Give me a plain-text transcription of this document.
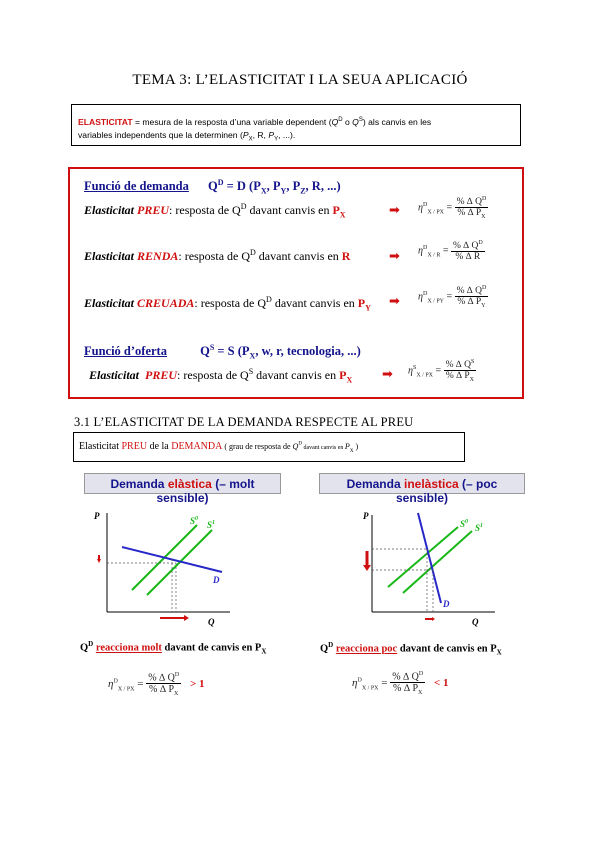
TEMA 3: L’ELASTICITAT I LA SEUA APLICACIÓ
ELASTICITAT = mesura de la resposta d’una variable dependent ($Q^D$ o $Q^S$) als canvis en les
variables independents que la determinen ($P_X$, R, $P_Y$, ...).
Funció de demanda $Q^D = D$ ($P_X$, $P_Y$, $P_Z$, R, ...)
Elasticitat PREU: resposta de $Q^D$ davant canvis en $P_X$	➡ $\eta^D_{X / PX} = \frac{\% \Delta Q^D}{\% \Delta P_X}$
Elasticitat RENDA: resposta de $Q^D$ davant canvis en R	➡ $\eta^D_{X / R} = \frac{\% \Delta Q^D}{\% \Delta R}$
Elasticitat CREUADA: resposta de $Q^D$ davant canvis en $P_Y$ ➡ $\eta^D_{X / PY} = \frac{\% \Delta Q^D}{\% \Delta P_Y}$
Funció d’oferta	$Q^S = S$ ($P_X$, w, r, tecnologia, ...)
Elasticitat PREU: resposta de $Q^S$ davant canvis en $P_X$ ➡ $\eta^S_{X / PX} = \frac{\% \Delta Q^S}{\% \Delta P_X}$
3.1 L’ELASTICITAT DE LA DEMANDA RESPECTE AL PREU
Elasticitat PREU de la DEMANDA ( grau de resposta de $Q^D$ davant canvis en $P_X$ )
Demanda elàstica (– molt sensible)
Demanda inelàstica (– poc sensible)
P
Q
$S^0$
$S^1$
D
P
Q
$S^0$
$S^1$
D
$Q^D$ reacciona molt davant de canvis en $P_X$	$Q^D$ reacciona poc davant de canvis en $P_X$
$\eta^D_{X / PX} = \frac{\% \Delta Q^D}{\% \Delta P_X} > 1$	$\eta^D_{X / PX} = \frac{\% \Delta Q^D}{\% \Delta P_X} < 1$
